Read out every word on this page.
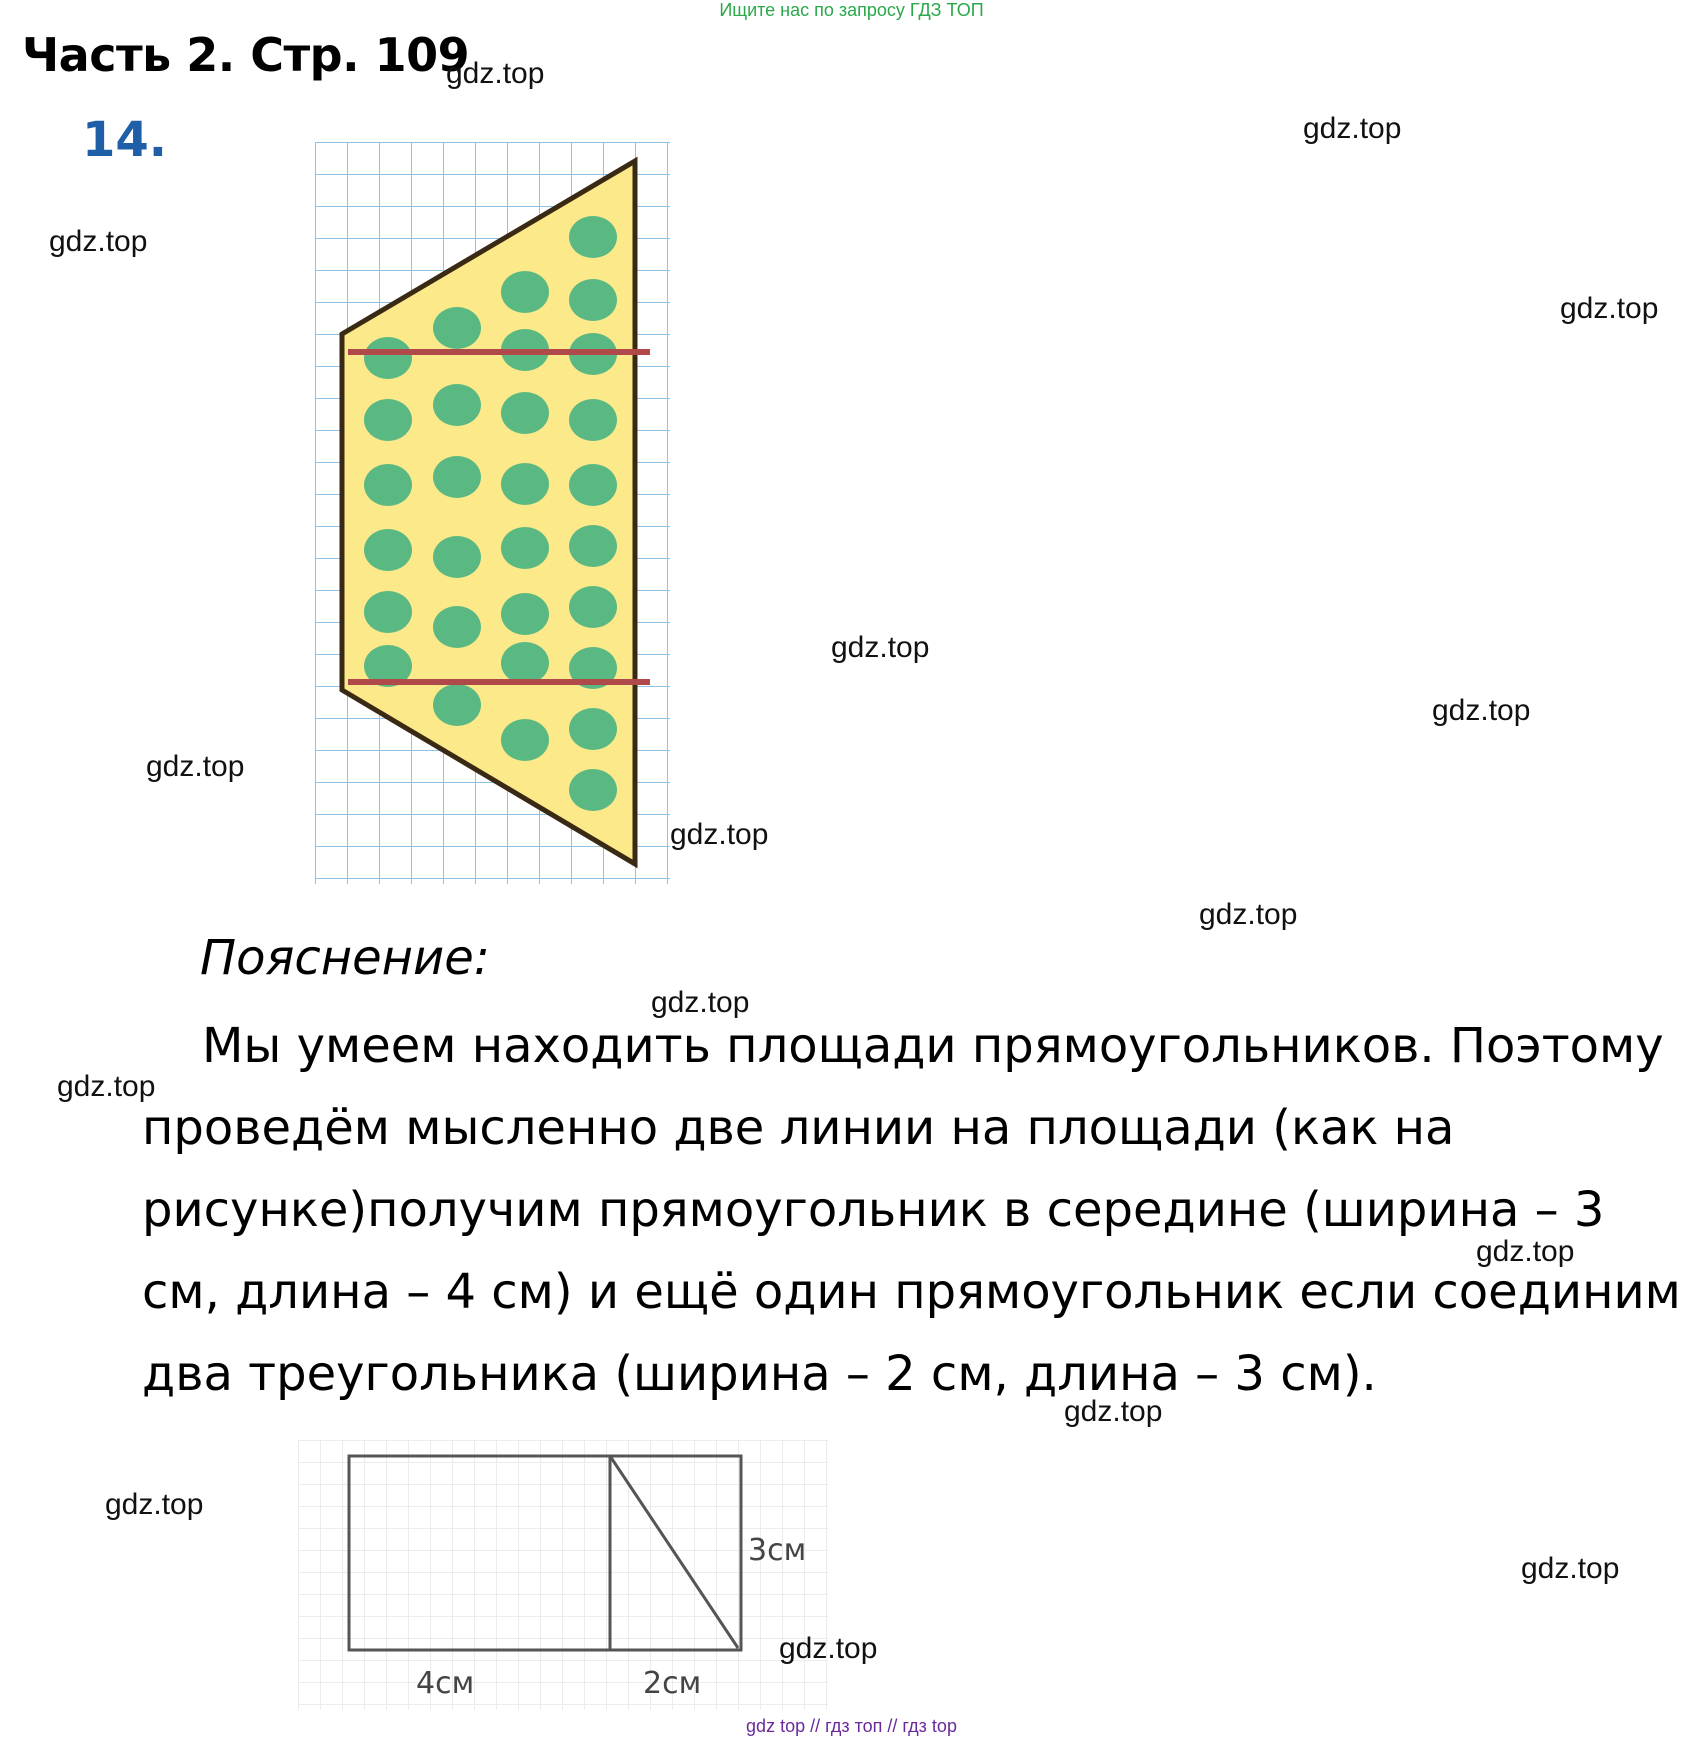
Ищите нас по запросу ГДЗ ТОП
Часть 2. Стр. 109
14.
Пояснение:
Мы умеем находить площади прямоугольников. Поэтому проведём мысленно две линии на площади (как на рисунке)получим прямоугольник в середине (ширина – 3 см, длина – 4 см) и ещё один прямоугольник если соединим два треугольника (ширина – 2 см, длина – 3 см).
3см
4см	2см
gdz.top
gdz.top
gdz.top
gdz.top
gdz.top
gdz.top
gdz.top
gdz.top
gdz.top
gdz.top
gdz.top
gdz.top
gdz.top
gdz.top
gdz.top
gdz.top
gdz top // гдз топ // гдз top
